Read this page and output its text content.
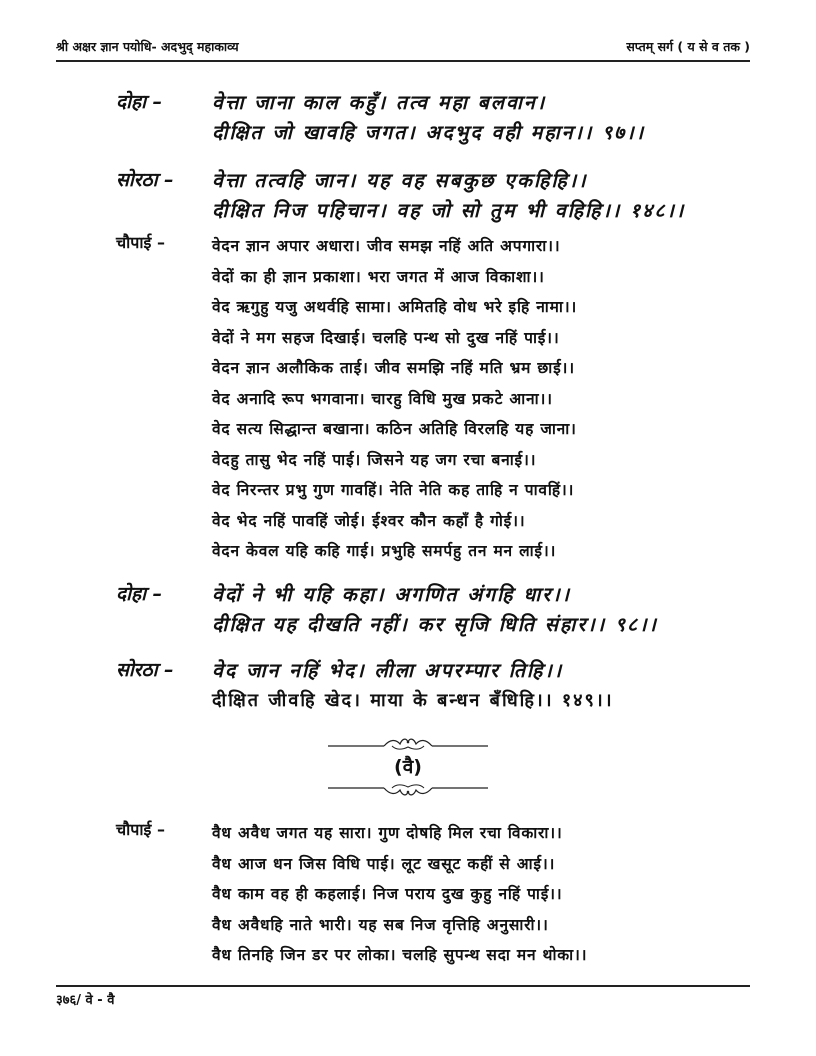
श्री अक्षर ज्ञान पयोधि- अदभुद् महाकाव्य	सप्तम् सर्ग ( य से व तक )
दोहा –	वेत्ता जाना काल कहुँ। तत्व महा बलवान।
दीक्षित जो खावहि जगत। अदभुद वही महान।। ९७।।
सोरठा –	वेत्ता तत्वहि जान। यह वह सबकुछ एकहिहि।।
दीक्षित निज पहिचान। वह जो सो तुम भी वहिहि।। १४८।।
चौपाई –	वेदन ज्ञान अपार अधारा। जीव समझ नहिं अति अपगारा।।
वेदों का ही ज्ञान प्रकाशा। भरा जगत में आज विकाशा।।
वेद ऋगुहु यजु अथर्वहि सामा। अमितहि वोध भरे इहि नामा।।
वेदों ने मग सहज दिखाई। चलहि पन्थ सो दुख नहिं पाई।।
वेदन ज्ञान अलौकिक ताई। जीव समझि नहिं मति भ्रम छाई।।
वेद अनादि रूप भगवाना। चारहु विधि मुख प्रकटे आना।।
वेद सत्य सिद्धान्त बखाना। कठिन अतिहि विरलहि यह जाना।
वेदहु तासु भेद नहिं पाई। जिसने यह जग रचा बनाई।।
वेद निरन्तर प्रभु गुण गावहिं। नेति नेति कह ताहि न पावहिं।।
वेद भेद नहिं पावहिं जोई। ईश्वर कौन कहाँ है गोई।।
वेदन केवल यहि कहि गाई। प्रभुहि समर्पहु तन मन लाई।।
दोहा –	वेदों ने भी यहि कहा। अगणित अंगहि धार।।
दीक्षित यह दीखति नहीं। कर सृजि धिति संहार।। ९८।।
सोरठा –	वेद जान नहिं भेद। लीला अपरम्पार तिहि।।
दीक्षित जीवहि खेद। माया के बन्धन बँधिहि।। १४९।।
(वै)
चौपाई –	वैध अवैध जगत यह सारा। गुण दोषहि मिल रचा विकारा।।
वैध आज धन जिस विधि पाई। लूट खसूट कहीं से आई।।
वैध काम वह ही कहलाई। निज पराय दुख कुहु नहिं पाई।।
वैध अवैधहि नाते भारी। यह सब निज वृत्तिहि अनुसारी।।
वैध तिनहि जिन डर पर लोका। चलहि सुपन्थ सदा मन थोका।।
३७६/ वे - वै
